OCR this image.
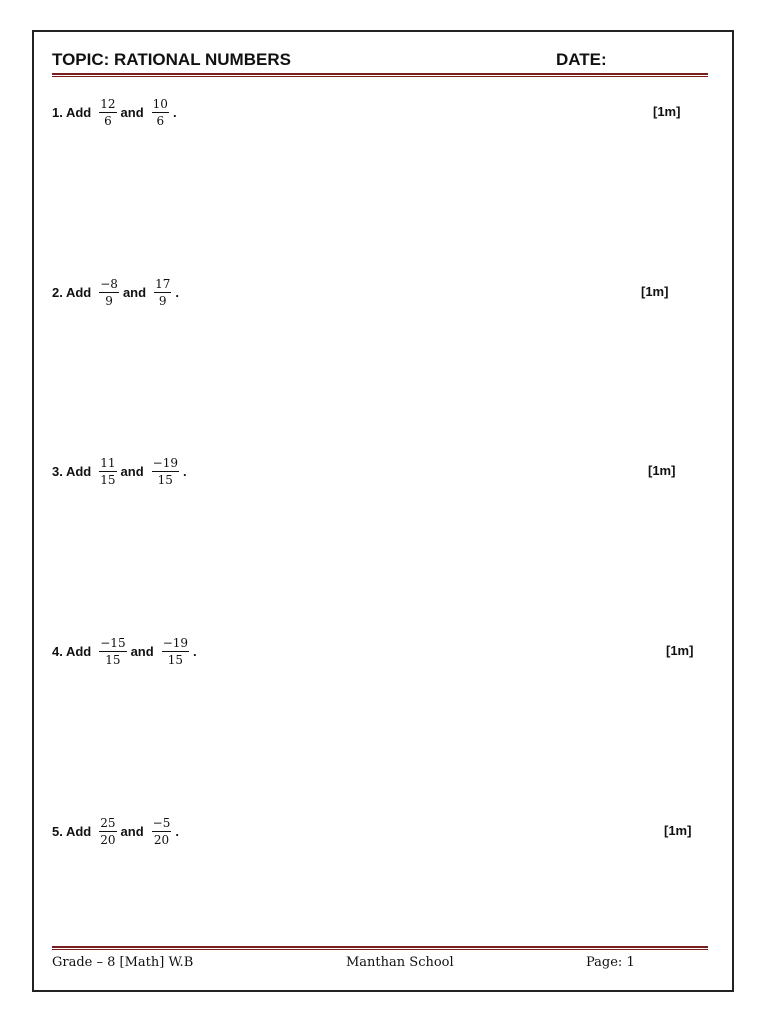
TOPIC: RATIONAL NUMBERS	DATE:
1. Add $\frac{12}{6}$ and $\frac{10}{6}$ .	[1m]
2. Add $\frac{-8}{9}$ and $\frac{17}{9}$ .	[1m]
3. Add $\frac{11}{15}$ and $\frac{-19}{15}$ .	[1m]
4. Add $\frac{-15}{15}$ and $\frac{-19}{15}$ .	[1m]
5. Add $\frac{25}{20}$ and $\frac{-5}{20}$ .	[1m]
Grade – 8 [Math] W.B	Manthan School	Page: 1
